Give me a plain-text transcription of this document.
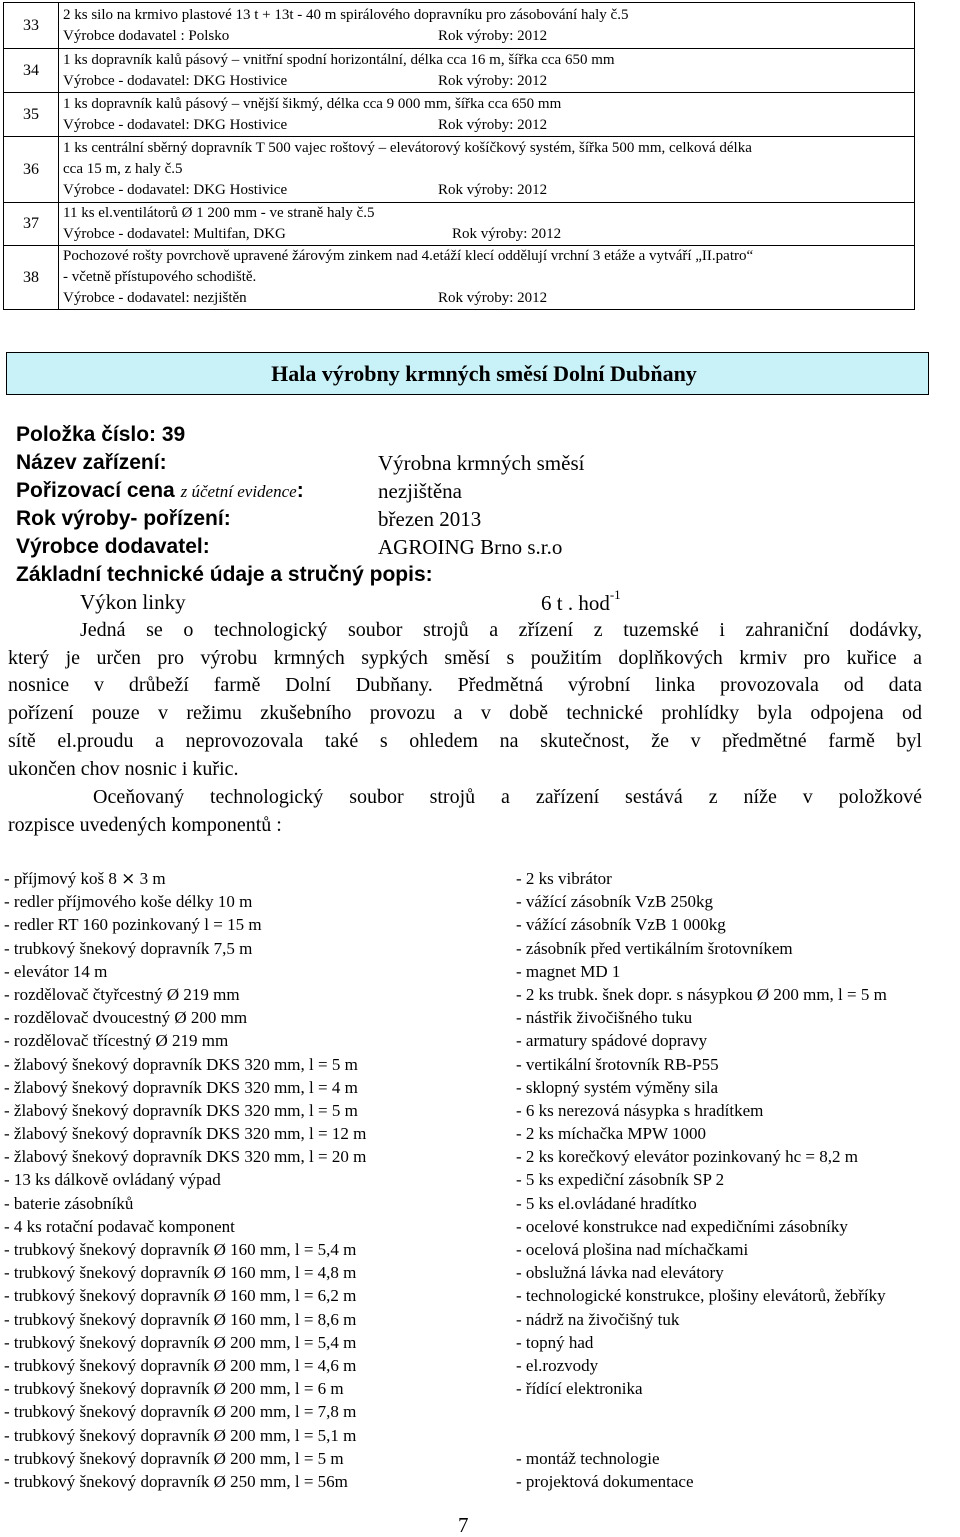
33	2 ks silo na krmivo plastové 13 t + 13t - 40 m spirálového dopravníku pro zásobování haly č.5
Výrobce dodavatel : Polsko Rok výroby: 2012

34	1 ks dopravník kalů pásový – vnitřní spodní horizontální, délka cca 16 m, šířka cca 650 mm
Výrobce - dodavatel: DKG Hostivice Rok výroby: 2012

35	1 ks dopravník kalů pásový – vnější šikmý, délka cca 9 000 mm, šířka cca 650 mm
Výrobce - dodavatel: DKG Hostivice Rok výroby: 2012

36	1 ks centrální sběrný dopravník T 500 vajec roštový – elevátorový košíčkový systém, šířka 500 mm, celková délka
cca 15 m, z haly č.5
Výrobce - dodavatel: DKG Hostivice Rok výroby: 2012

37	11 ks el.ventilátorů Ø 1 200 mm - ve straně haly č.5
Výrobce - dodavatel: Multifan, DKG Rok výroby: 2012

38	Pochozové rošty povrchově upravené žárovým zinkem nad 4.etáží klecí oddělují vrchní 3 etáže a vytváří „II.patro“
- včetně přístupového schodiště.
Výrobce - dodavatel: nezjištěn Rok výroby: 2012
Hala výrobny krmných směsí Dolní Dubňany
Položka číslo: 39
Název zařízení:	Výrobna krmných směsí
Pořizovací cena z účetní evidence:	nezjištěna
Rok výroby- pořízení:	březen 2013
Výrobce dodavatel:	AGROING Brno s.r.o
Základní technické údaje a stručný popis:
Výkon linky	6 t . hod$^{-1}$
Jedná se o technologický soubor strojů a zřízení z tuzemské i zahraniční dodávky,
který je určen pro výrobu krmných sypkých směsí s použitím doplňkových krmiv pro kuřice a
nosnice v drůbeží farmě Dolní Dubňany. Předmětná výrobní linka provozovala od data
pořízení pouze v režimu zkušebního provozu a v době technické prohlídky byla odpojena od
sítě el.proudu a neprovozovala také s ohledem na skutečnost, že v předmětné farmě byl
ukončen chov nosnic i kuřic.
Oceňovaný technologický soubor strojů a zařízení sestává z níže v položkové
rozpisce uvedených komponentů :
- příjmový koš 8 ⨯ 3 m
- redler příjmového koše délky 10 m
- redler RT 160 pozinkovaný l = 15 m
- trubkový šnekový dopravník 7,5 m
- elevátor 14 m
- rozdělovač čtyřcestný Ø 219 mm
- rozdělovač dvoucestný Ø 200 mm
- rozdělovač třícestný Ø 219 mm
- žlabový šnekový dopravník DKS 320 mm, l = 5 m
- žlabový šnekový dopravník DKS 320 mm, l = 4 m
- žlabový šnekový dopravník DKS 320 mm, l = 5 m
- žlabový šnekový dopravník DKS 320 mm, l = 12 m
- žlabový šnekový dopravník DKS 320 mm, l = 20 m
- 13 ks dálkově ovládaný výpad
- baterie zásobníků
- 4 ks rotační podavač komponent
- trubkový šnekový dopravník Ø 160 mm, l = 5,4 m
- trubkový šnekový dopravník Ø 160 mm, l = 4,8 m
- trubkový šnekový dopravník Ø 160 mm, l = 6,2 m
- trubkový šnekový dopravník Ø 160 mm, l = 8,6 m
- trubkový šnekový dopravník Ø 200 mm, l = 5,4 m
- trubkový šnekový dopravník Ø 200 mm, l = 4,6 m
- trubkový šnekový dopravník Ø 200 mm, l = 6 m
- trubkový šnekový dopravník Ø 200 mm, l = 7,8 m
- trubkový šnekový dopravník Ø 200 mm, l = 5,1 m
- trubkový šnekový dopravník Ø 200 mm, l = 5 m
- trubkový šnekový dopravník Ø 250 mm, l = 56m
- 2 ks vibrátor
- vážící zásobník VzB 250kg
- vážící zásobník VzB 1 000kg
- zásobník před vertikálním šrotovníkem
- magnet MD 1
- 2 ks trubk. šnek dopr. s násypkou Ø 200 mm, l = 5 m
- nástřik živočišného tuku
- armatury spádové dopravy
- vertikální šrotovník RB-P55
- sklopný systém výměny sila
- 6 ks nerezová násypka s hradítkem
- 2 ks míchačka MPW 1000
- 2 ks korečkový elevátor pozinkovaný hc = 8,2 m
- 5 ks expediční zásobník SP 2
- 5 ks el.ovládané hradítko
- ocelové konstrukce nad expedičními zásobníky
- ocelová plošina nad míchačkami
- obslužná lávka nad elevátory
- technologické konstrukce, plošiny elevátorů, žebříky
- nádrž na živočišný tuk
- topný had
- el.rozvody
- řídící elektronika
- montáž technologie
- projektová dokumentace
7
